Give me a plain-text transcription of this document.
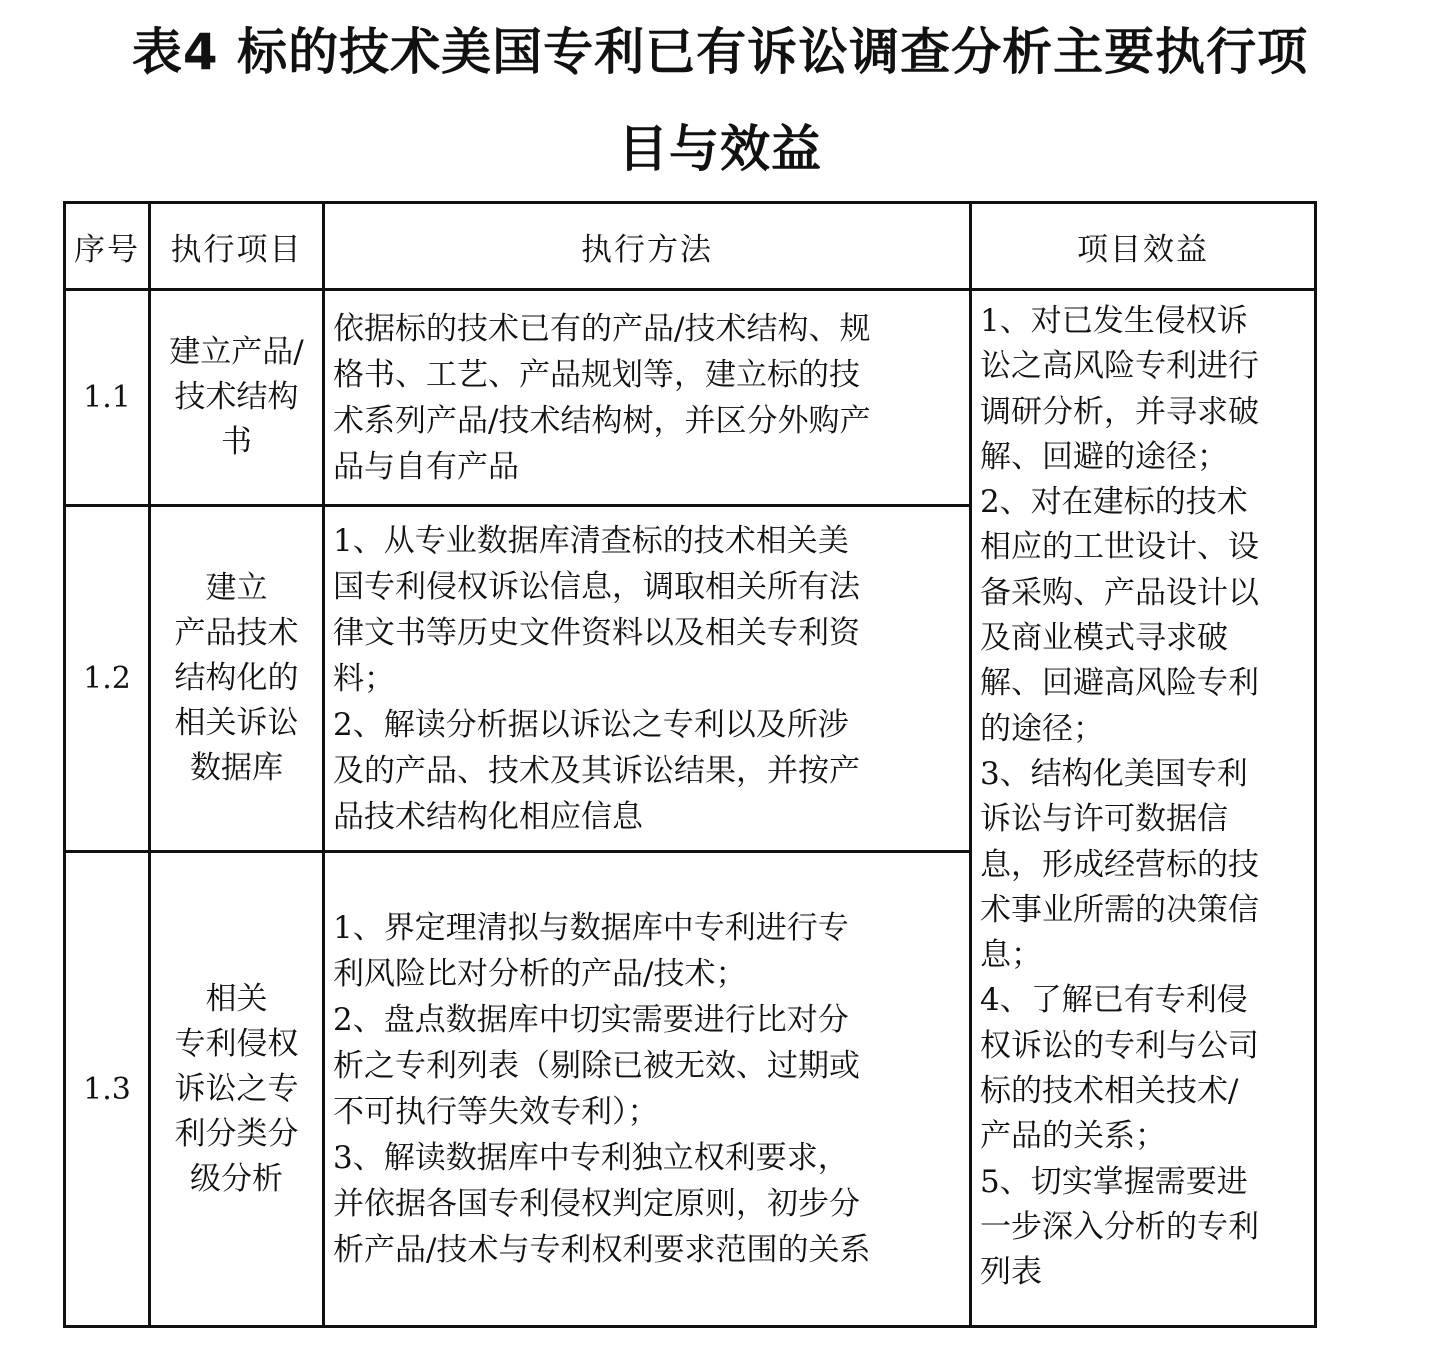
表4 标的技术美国专利已有诉讼调查分析主要执行项
目与效益
序号 执行项目	执行方法	项目效益
1.1
建立产品/
技术结构
书
依据标的技术已有的产品/技术结构、规
格书、工艺、产品规划等，建立标的技
术系列产品/技术结构树，并区分外购产
品与自有产品
1.2
建立
产品技术
结构化的
相关诉讼
数据库
1、从专业数据库清查标的技术相关美
国专利侵权诉讼信息，调取相关所有法
律文书等历史文件资料以及相关专利资
料；
2、解读分析据以诉讼之专利以及所涉
及的产品、技术及其诉讼结果，并按产
品技术结构化相应信息
1.3
相关
专利侵权
诉讼之专
利分类分
级分析
1、界定理清拟与数据库中专利进行专
利风险比对分析的产品/技术；
2、盘点数据库中切实需要进行比对分
析之专利列表（剔除已被无效、过期或
不可执行等失效专利）；
3、解读数据库中专利独立权利要求，
并依据各国专利侵权判定原则，初步分
析产品/技术与专利权利要求范围的关系
1、对已发生侵权诉
讼之高风险专利进行
调研分析，并寻求破
解、回避的途径；
2、对在建标的技术
相应的工世设计、设
备采购、产品设计以
及商业模式寻求破
解、回避高风险专利
的途径；
3、结构化美国专利
诉讼与许可数据信
息，形成经营标的技
术事业所需的决策信
息；
4、了解已有专利侵
权诉讼的专利与公司
标的技术相关技术/
产品的关系；
5、切实掌握需要进
一步深入分析的专利
列表
